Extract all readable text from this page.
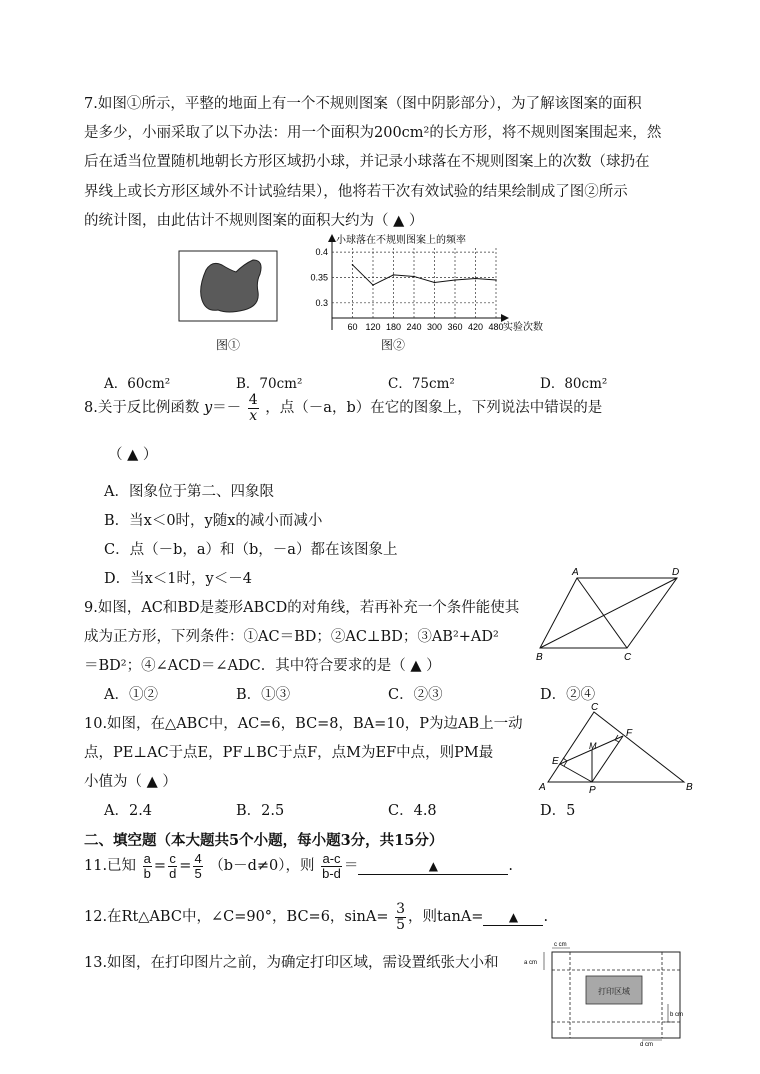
7.如图①所示，平整的地面上有一个不规则图案（图中阴影部分），为了解该图案的面积
是多少，小丽采取了以下办法：用一个面积为200cm²的长方形，将不规则图案围起来，然
后在适当位置随机地朝长方形区域扔小球，并记录小球落在不规则图案上的次数（球扔在
界线上或长方形区域外不计试验结果），他将若干次有效试验的结果绘制成了图②所示
的统计图，由此估计不规则图案的面积大约为（ ▲ ）
图①
小球落在不规则图案上的频率
实验次数
0.4
0.35
0.3
60 120 180 240 300 360 420 480
图②
A．60cm²	B．70cm²	C．75cm²	D．80cm²
8.关于反比例函数 $y=- \frac{4}{x}$ ，点（－a，b）在它的图象上，下列说法中错误的是
（ ▲ ）
A．图象位于第二、四象限
B．当x＜0时，y随x的减小而减小
C．点（－b，a）和（b，－a）都在该图象上
D．当x＜1时，y＜－4
9.如图，AC和BD是菱形ABCD的对角线，若再补充一个条件能使其
成为正方形，下列条件：①AC＝BD；②AC⊥BD；③AB²+AD²
＝BD²；④∠ACD＝∠ADC．其中符合要求的是（ ▲ ）
A．①②	B．①③	C．②③	D．②④
A	D
B	C
10.如图，在△ABC中，AC=6，BC=8，BA=10，P为边AB上一动
点，PE⊥AC于点E，PF⊥BC于点F，点M为EF中点，则PM最
小值为（ ▲ ）
A．2.4	B．2.5	C．4.8	D．5
C
F
M
E
A	P	B
二、填空题（本大题共5个小题，每小题3分，共15分）
11.已知 $\frac{a}{b} = \frac{c}{d} = \frac{4}{5} (b-d\ne 0)$，则 $\frac{a-c}{b-d}$ ＝	▲	.
12.在Rt△ABC中，∠C=90°，BC=6，$\sin A= \frac{3}{5}$ ，则tanA= ▲ .
13.如图，在打印图片之前，为确定打印区域，需设置纸张大小和
打印区域
c cm
a cm
b cm
d cm
